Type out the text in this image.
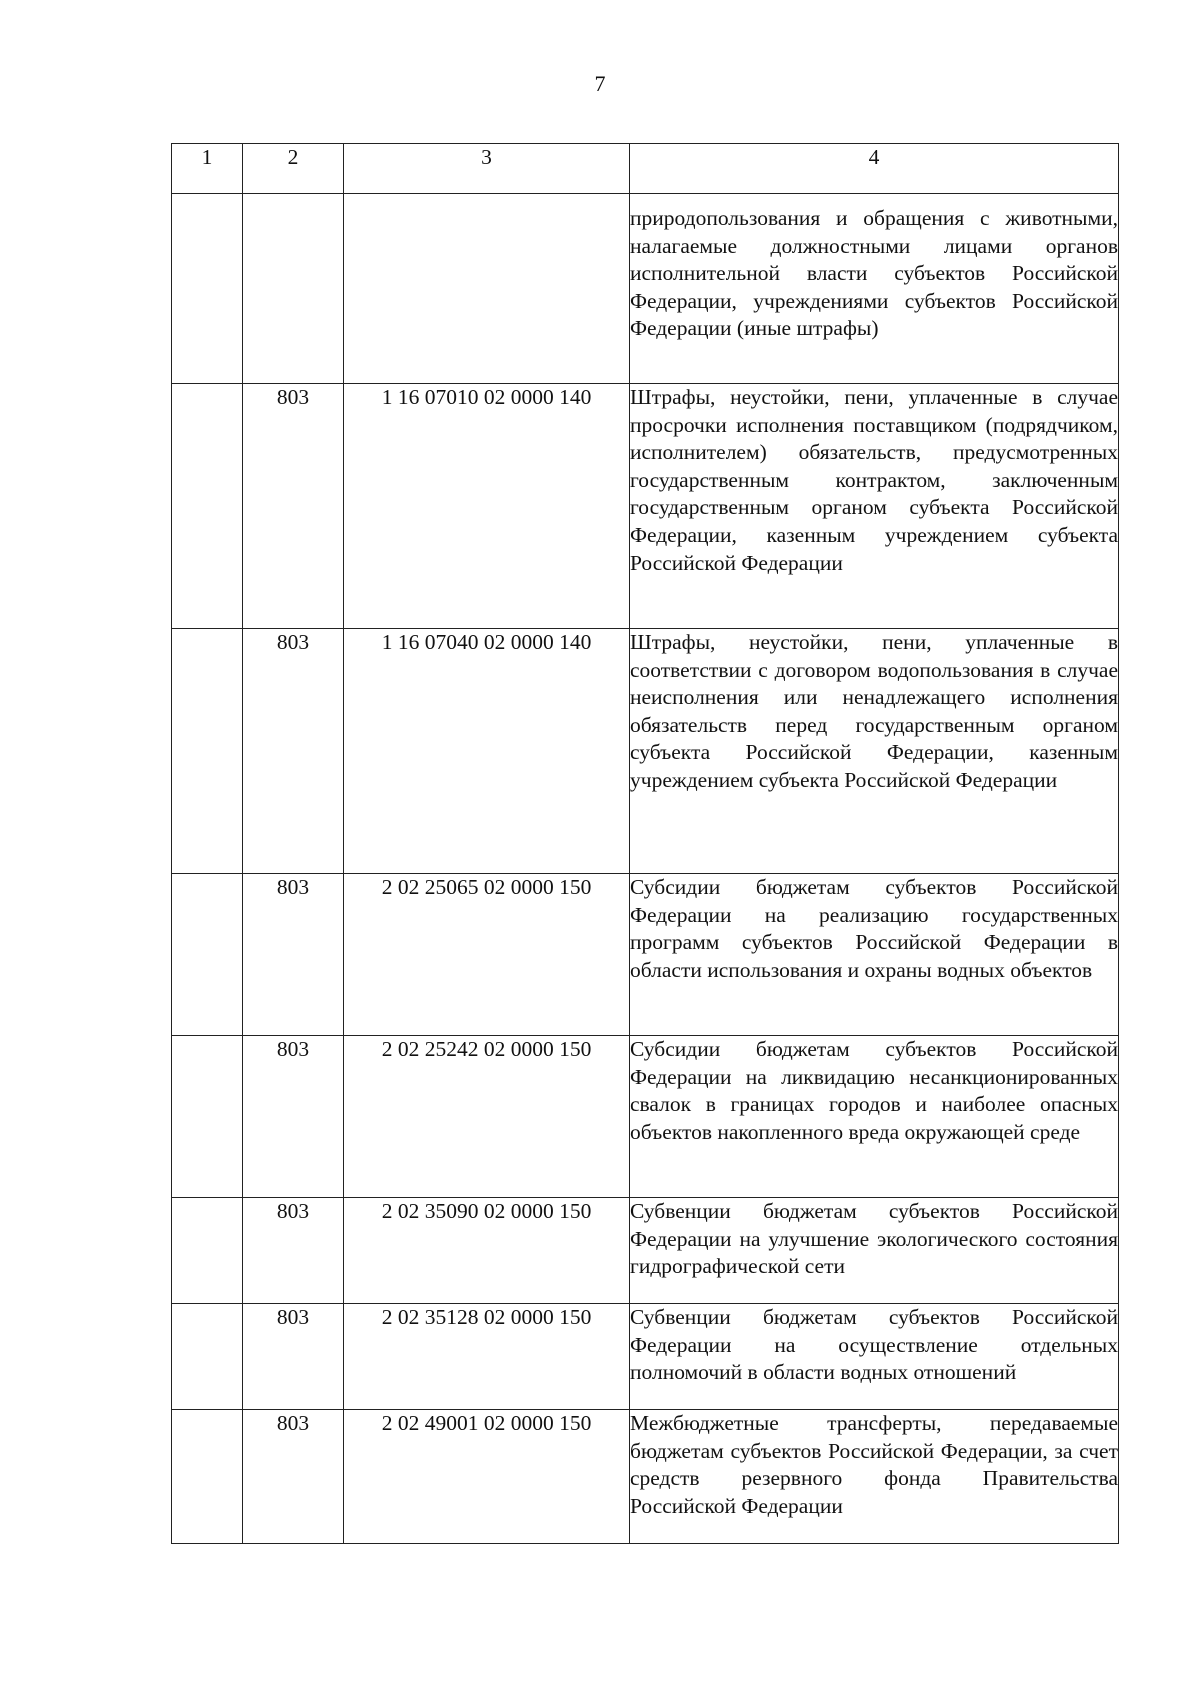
7
1	2	3	4
			природопользования и обращения с животными, налагаемые должностными лицами органов исполнительной власти субъектов Российской Федерации, учреждениями субъектов Российской Федерации (иные штрафы)
	803	1 16 07010 02 0000 140	Штрафы, неустойки, пени, уплаченные в случае просрочки исполнения поставщиком (подрядчиком, исполнителем) обязательств, предусмотренных государственным контрактом, заключенным государственным органом субъекта Российской Федерации, казенным учреждением субъекта Российской Федерации
	803	1 16 07040 02 0000 140	Штрафы, неустойки, пени, уплаченные в соответствии с договором водопользования в случае неисполнения или ненадлежащего исполнения обязательств перед государственным органом субъекта Российской Федерации, казенным учреждением субъекта Российской Федерации
	803	2 02 25065 02 0000 150	Субсидии бюджетам субъектов Российской Федерации на реализацию государственных программ субъектов Российской Федерации в области использования и охраны водных объектов
	803	2 02 25242 02 0000 150	Субсидии бюджетам субъектов Российской Федерации на ликвидацию несанкционированных свалок в границах городов и наиболее опасных объектов накопленного вреда окружающей среде
	803	2 02 35090 02 0000 150	Субвенции бюджетам субъектов Российской Федерации на улучшение экологического состояния гидрографической сети
	803	2 02 35128 02 0000 150	Субвенции бюджетам субъектов Российской Федерации на осуществление отдельных полномочий в области водных отношений
	803	2 02 49001 02 0000 150	Межбюджетные трансферты, передаваемые бюджетам субъектов Российской Федерации, за счет средств резервного фонда Правительства Российской Федерации
